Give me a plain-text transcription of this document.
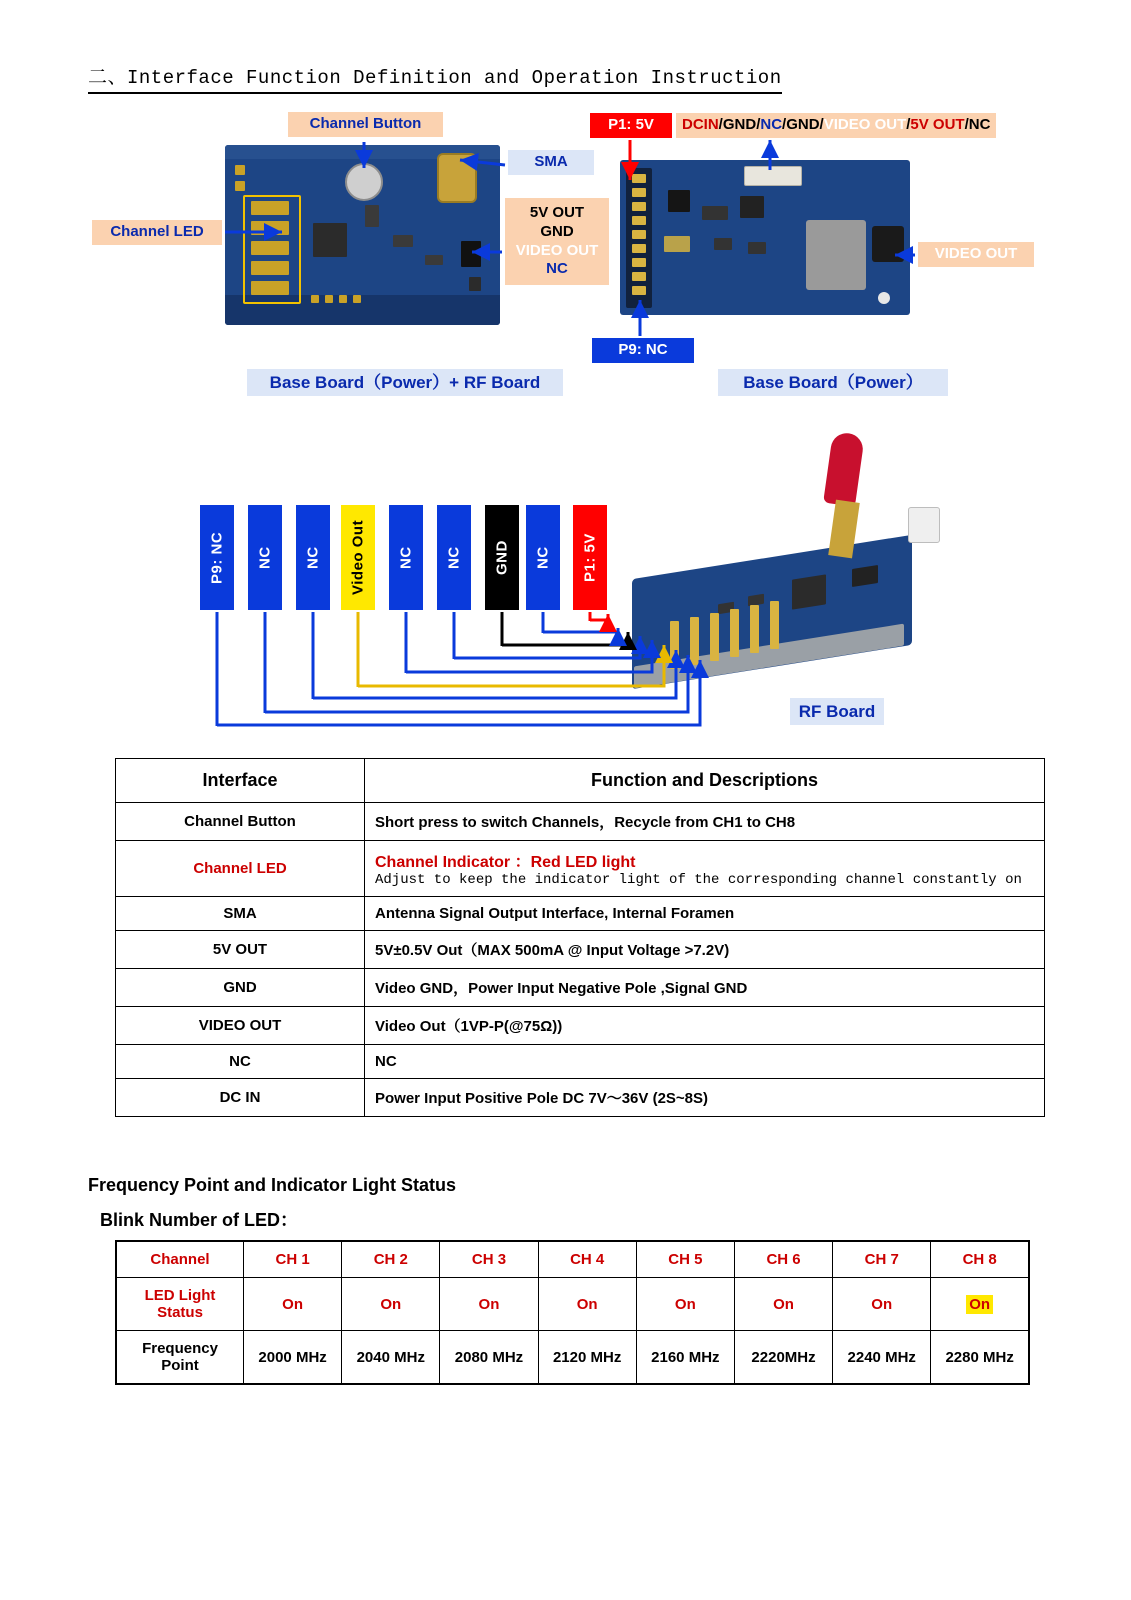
二、Interface Function Definition and Operation Instruction
Channel Button
SMA
Channel LED
5V OUT
GND
VIDEO OUT
NC
Base Board（Power）+ RF Board
P1: 5V	DCIN/GND/NC/GND/VIDEO OUT/5V OUT/NC
P9: NC
VIDEO OUT
Base Board（Power）
P9: NC	NC	NC	Video Out	NC	NC	GND	NC	P1: 5V
RF Board
Interface	Function and Descriptions
Channel Button	Short press to switch Channels，Recycle from CH1 to CH8
Channel LED	Channel Indicator ：Red LED light
Adjust to keep the indicator light of the corresponding channel constantly on

SMA	Antenna Signal Output Interface, Internal Foramen
5V OUT	5V±0.5V Out（MAX 500mA @ Input Voltage >7.2V)
GND	Video GND，Power Input Negative Pole ,Signal GND
VIDEO OUT	Video Out（1VP-P(@75Ω))
NC	NC
DC IN	Power Input Positive Pole DC 7V～36V (2S~8S)
Frequency Point and Indicator Light Status
Blink Number of LED：
Channel	CH 1	CH 2	CH 3	CH 4	CH 5	CH 6	CH 7	CH 8

LED Light
Status	On	On	On	On	On	On	On	On

Frequency
Point	2000 MHz	2040 MHz	2080 MHz	2120 MHz	2160 MHz	2220MHz	2240 MHz	2280 MHz
